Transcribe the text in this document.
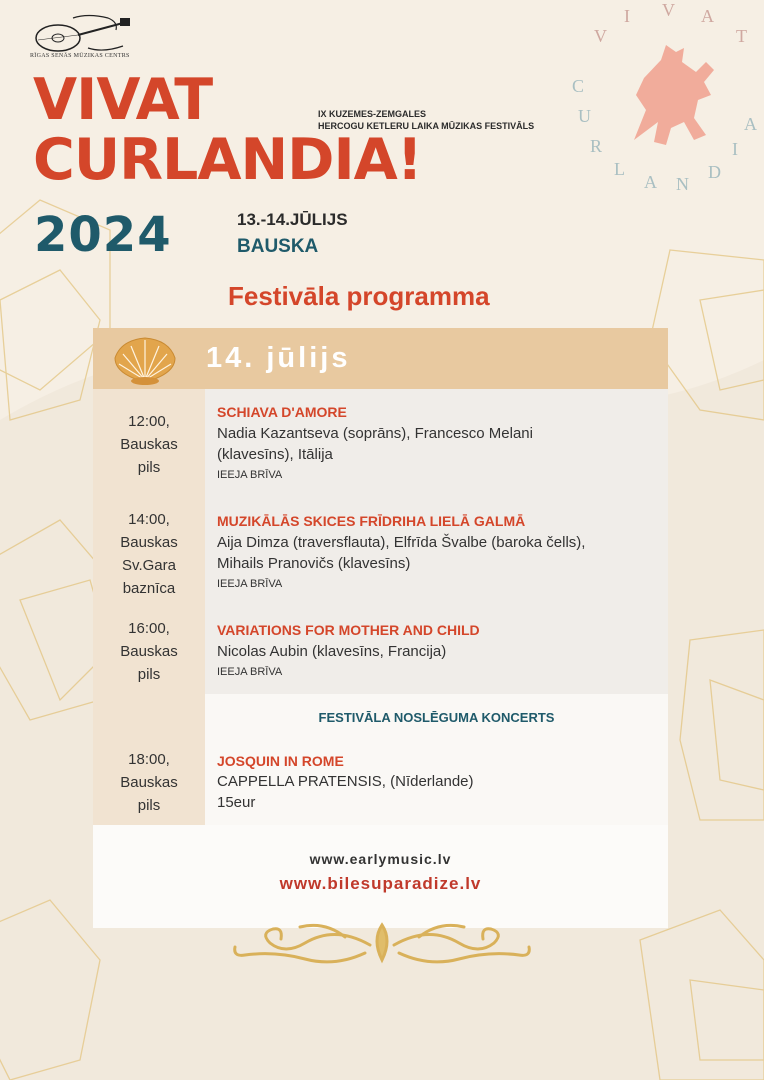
RĪGAS SENĀS MŪZIKAS CENTRS
V
I V A
T
C
U
R
L
A N
D
I
A
VIVAT
CURLANDIA!
IX KUZEMES-ZEMGALES
HERCOGU KETLERU LAIKA MŪZIKAS FESTIVĀLS
2024	13.-14.JŪLIJS
BAUSKA
Festivāla programma
14. jūlijs
12:00,
Bauskas
pils
SCHIAVA D'AMORE
Nadia Kazantseva (soprāns), Francesco Melani
(klavesīns), Itālija
IEEJA BRĪVA
14:00,
Bauskas
Sv.Gara
baznīca
MUZIKĀLĀS SKICES FRĪDRIHA LIELĀ GALMĀ
Aija Dimza (traversflauta), Elfrīda Švalbe (baroka čells),
Mihails Pranovičs (klavesīns)
IEEJA BRĪVA
16:00,
Bauskas
pils
VARIATIONS FOR MOTHER AND CHILD
Nicolas Aubin (klavesīns, Francija)
IEEJA BRĪVA
FESTIVĀLA NOSLĒGUMA KONCERTS
18:00,
Bauskas
pils
JOSQUIN IN ROME
CAPPELLA PRATENSIS, (Nīderlande)
15eur
www.earlymusic.lv
www.bilesuparadize.lv
